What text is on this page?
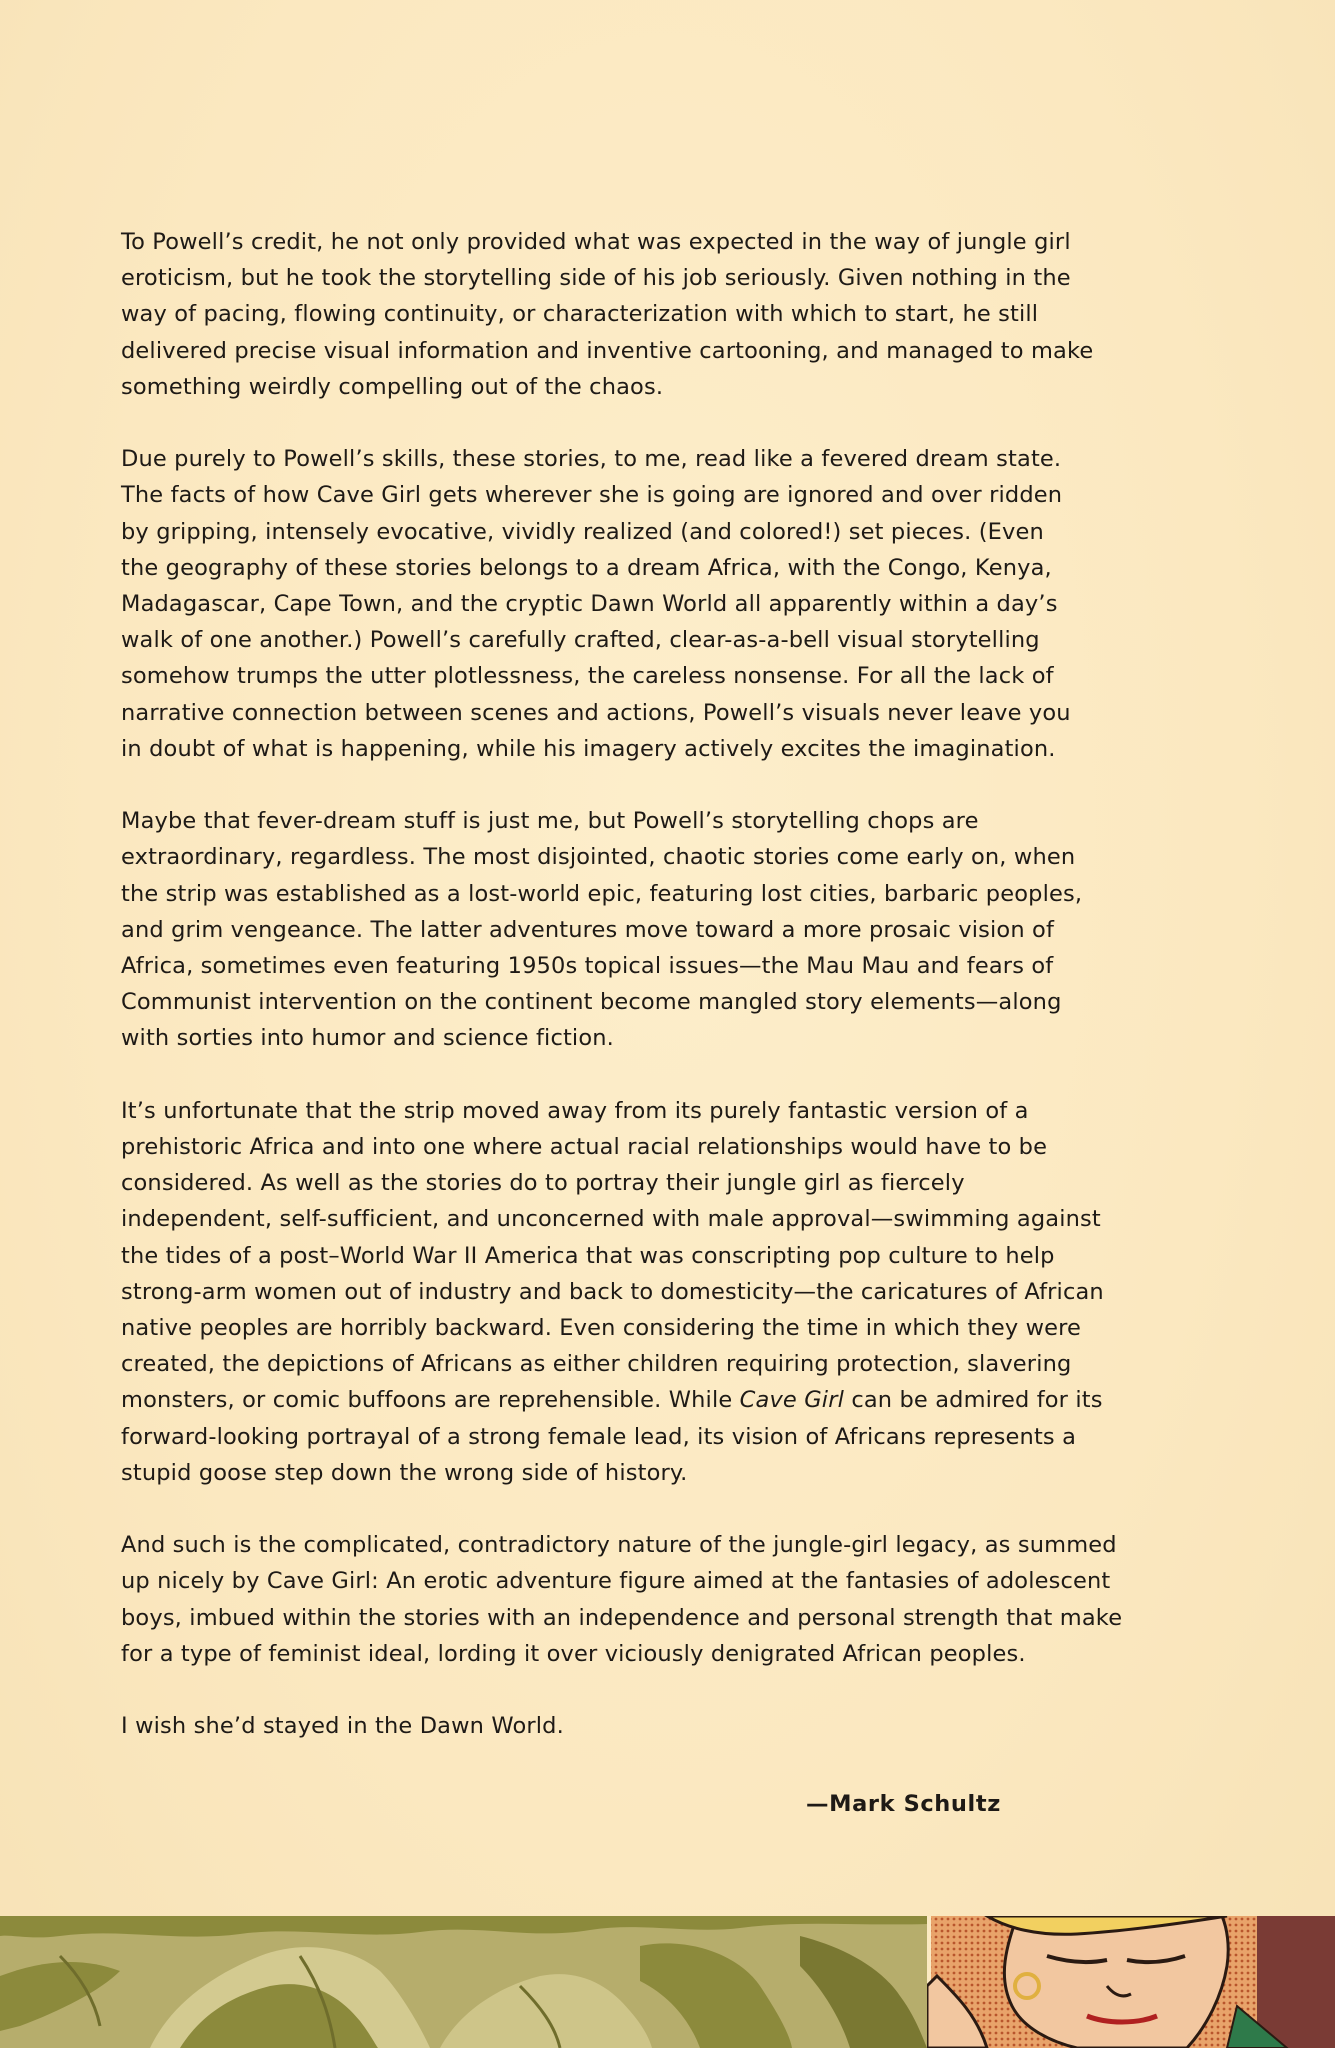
To Powell’s credit, he not only provided what was expected in the way of jungle girl
eroticism, but he took the storytelling side of his job seriously. Given nothing in the
way of pacing, flowing continuity, or characterization with which to start, he still
delivered precise visual information and inventive cartooning, and managed to make
something weirdly compelling out of the chaos.

Due purely to Powell’s skills, these stories, to me, read like a fevered dream state.
The facts of how Cave Girl gets wherever she is going are ignored and over ridden
by gripping, intensely evocative, vividly realized (and colored!) set pieces. (Even
the geography of these stories belongs to a dream Africa, with the Congo, Kenya,
Madagascar, Cape Town, and the cryptic Dawn World all apparently within a day’s
walk of one another.) Powell’s carefully crafted, clear-as-a-bell visual storytelling
somehow trumps the utter plotlessness, the careless nonsense. For all the lack of
narrative connection between scenes and actions, Powell’s visuals never leave you
in doubt of what is happening, while his imagery actively excites the imagination.

Maybe that fever-dream stuff is just me, but Powell’s storytelling chops are
extraordinary, regardless. The most disjointed, chaotic stories come early on, when
the strip was established as a lost-world epic, featuring lost cities, barbaric peoples,
and grim vengeance. The latter adventures move toward a more prosaic vision of
Africa, sometimes even featuring 1950s topical issues—the Mau Mau and fears of
Communist intervention on the continent become mangled story elements—along
with sorties into humor and science fiction.

It’s unfortunate that the strip moved away from its purely fantastic version of a
prehistoric Africa and into one where actual racial relationships would have to be
considered. As well as the stories do to portray their jungle girl as fiercely
independent, self-sufficient, and unconcerned with male approval—swimming against
the tides of a post–World War II America that was conscripting pop culture to help
strong-arm women out of industry and back to domesticity—the caricatures of African
native peoples are horribly backward. Even considering the time in which they were
created, the depictions of Africans as either children requiring protection, slavering
monsters, or comic buffoons are reprehensible. While Cave Girl can be admired for its
forward-looking portrayal of a strong female lead, its vision of Africans represents a
stupid goose step down the wrong side of history.

And such is the complicated, contradictory nature of the jungle-girl legacy, as summed
up nicely by Cave Girl: An erotic adventure figure aimed at the fantasies of adolescent
boys, imbued within the stories with an independence and personal strength that make
for a type of feminist ideal, lording it over viciously denigrated African peoples.

I wish she’d stayed in the Dawn World.

—Mark Schultz
